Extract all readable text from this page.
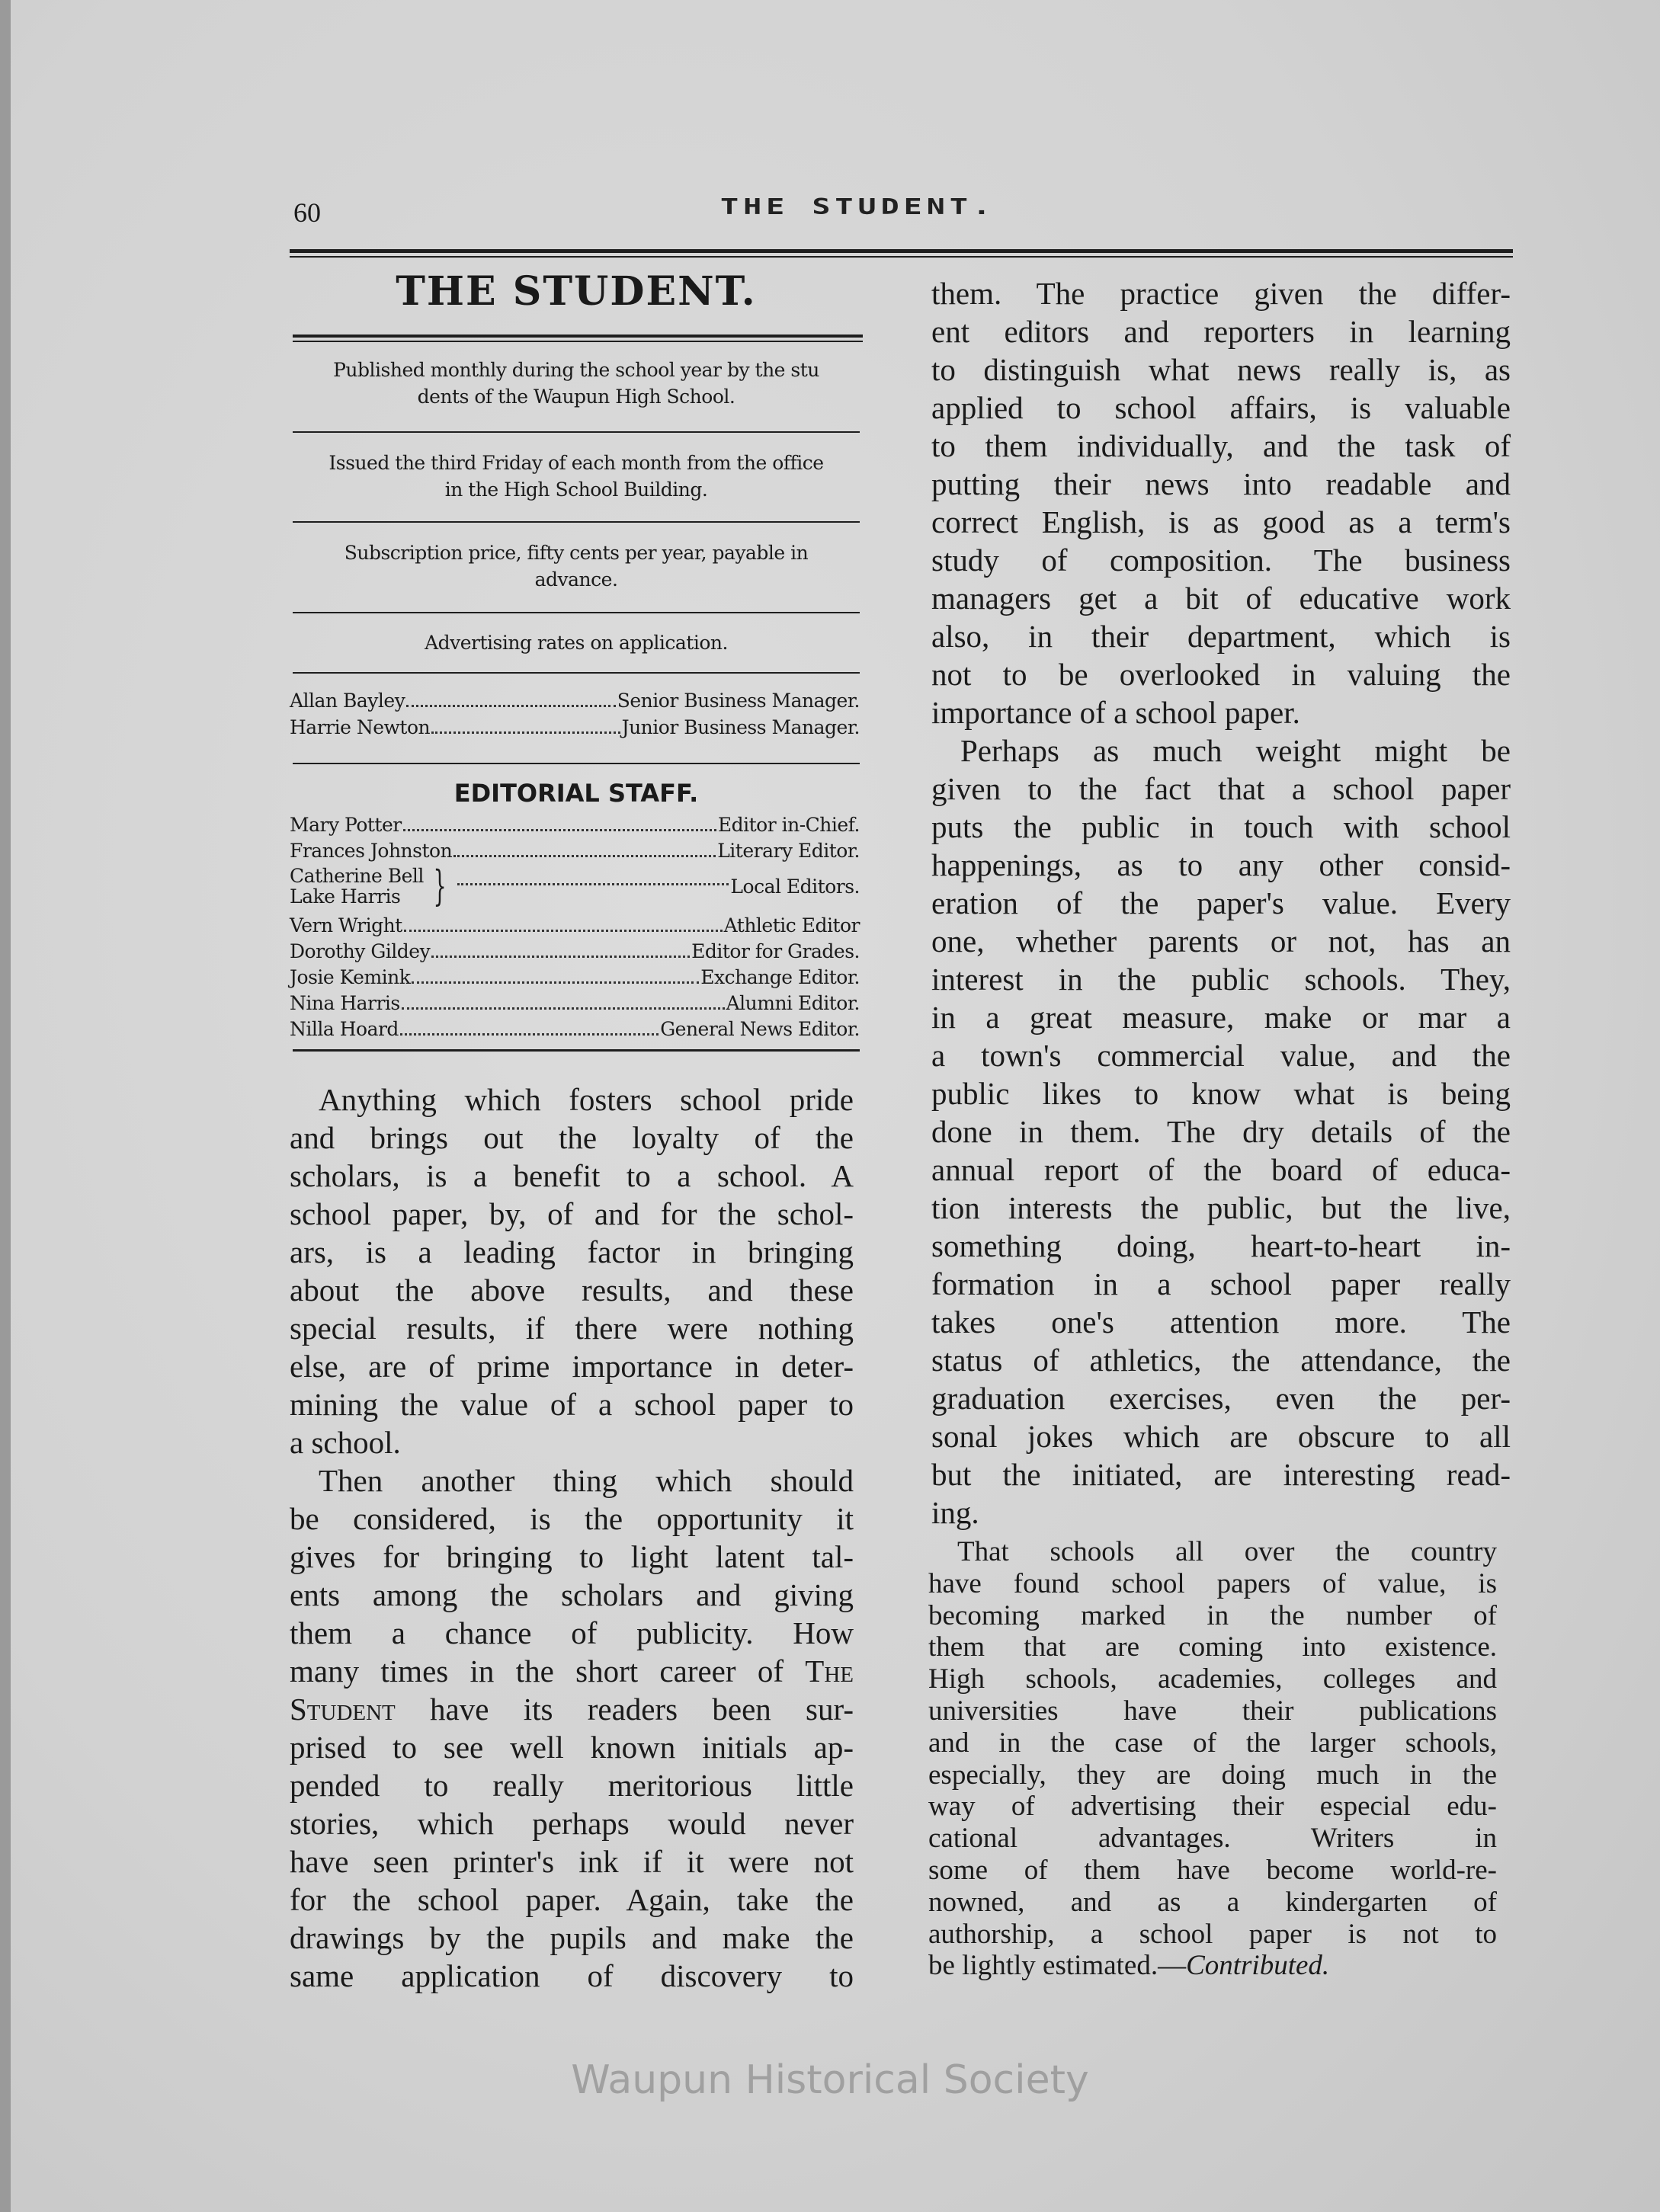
60	THE STUDENT.
THE STUDENT.
Published monthly during the school year by the stu
dents of the Waupun High School.
Issued the third Friday of each month from the office
in the High School Building.
Subscription price, fifty cents per year, payable in
advance.
Advertising rates on application.
Allan Bayley	Senior Business Manager.
Harrie Newton	Junior Business Manager.
EDITORIAL STAFF.
Mary Potter	Editor in-Chief.
Frances Johnston	Literary Editor.
Catherine Bell
Lake Harris }	Local Editors.
Vern Wright	Athletic Editor
Dorothy Gildey	Editor for Grades.
Josie Kemink	Exchange Editor.
Nina Harris	Alumni Editor.
Nilla Hoard	General News Editor.
Waupun Historical Society
Anything which fosters school pride
and brings out the loyalty of the
scholars, is a benefit to a school. A
school paper, by, of and for the schol-
ars, is a leading factor in bringing
about the above results, and these
special results, if there were nothing
else, are of prime importance in deter-
mining the value of a school paper to
a school.
Then another thing which should
be considered, is the opportunity it
gives for bringing to light latent tal-
ents among the scholars and giving
them a chance of publicity. How
many times in the short career of The
Student have its readers been sur-
prised to see well known initials ap-
pended to really meritorious little
stories, which perhaps would never
have seen printer's ink if it were not
for the school paper. Again, take the
drawings by the pupils and make the
same application of discovery to
them. The practice given the differ-
ent editors and reporters in learning
to distinguish what news really is, as
applied to school affairs, is valuable
to them individually, and the task of
putting their news into readable and
correct English, is as good as a term's
study of composition. The business
managers get a bit of educative work
also, in their department, which is
not to be overlooked in valuing the
importance of a school paper.
Perhaps as much weight might be
given to the fact that a school paper
puts the public in touch with school
happenings, as to any other consid-
eration of the paper's value. Every
one, whether parents or not, has an
interest in the public schools. They,
in a great measure, make or mar a
a town's commercial value, and the
public likes to know what is being
done in them. The dry details of the
annual report of the board of educa-
tion interests the public, but the live,
something doing, heart-to-heart in-
formation in a school paper really
takes one's attention more. The
status of athletics, the attendance, the
graduation exercises, even the per-
sonal jokes which are obscure to all
but the initiated, are interesting read-
ing.
That schools all over the country
have found school papers of value, is
becoming marked in the number of
them that are coming into existence.
High schools, academies, colleges and
universities have their publications
and in the case of the larger schools,
especially, they are doing much in the
way of advertising their especial edu-
cational advantages. Writers in
some of them have become world-re-
nowned, and as a kindergarten of
authorship, a school paper is not to
be lightly estimated.—Contributed.
